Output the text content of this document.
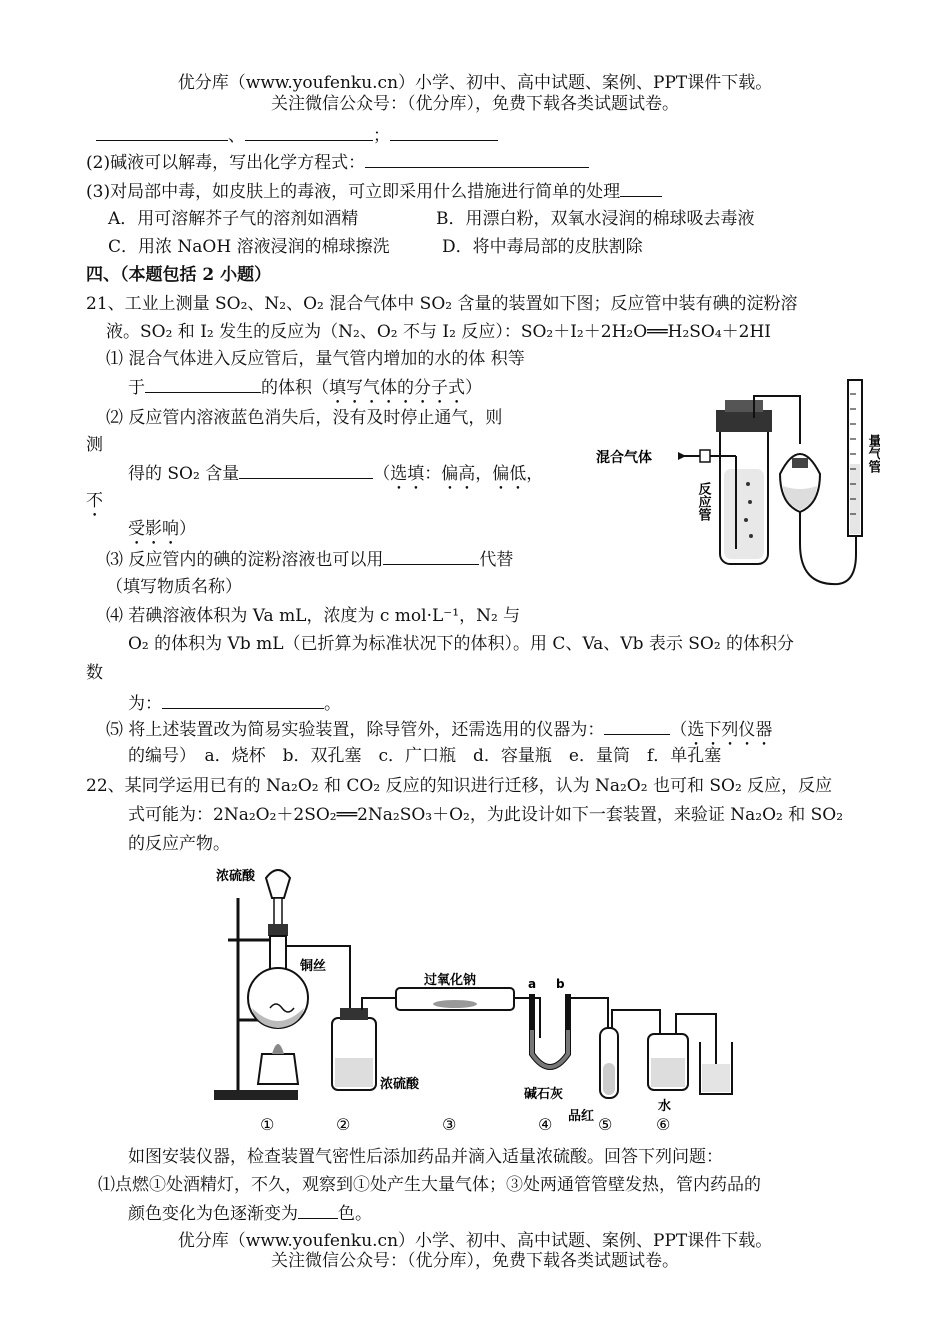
优分库（www.youfenku.cn）小学、初中、高中试题、案例、PPT课件下载。
关注微信公众号：（优分库），免费下载各类试题试卷。
、	；
(2)碱液可以解毒，写出化学方程式：
(3)对局部中毒，如皮肤上的毒液，可立即采用什么措施进行简单的处理
A．用可溶解芥子气的溶剂如酒精	B．用漂白粉，双氧水浸润的棉球吸去毒液
C．用浓 NaOH 溶液浸润的棉球擦洗	D．将中毒局部的皮肤割除
四、（本题包括 2 小题）
21、工业上测量 SO₂、N₂、O₂ 混合气体中 SO₂ 含量的装置如下图；反应管中装有碘的淀粉溶
液。SO₂ 和 I₂ 发生的反应为（N₂、O₂ 不与 I₂ 反应）：SO₂＋I₂＋2H₂O══H₂SO₄＋2HI
⑴ 混合气体进入反应管后，量气管内增加的水的体 积等
于	的体积（填写气体的分子式）
⑵ 反应管内溶液蓝色消失后，没有及时停止通气，则
测
得的 SO₂ 含量	（选填：偏高，偏低，
不
受影响）
⑶ 反应管内的碘的淀粉溶液也可以用	代替
（填写物质名称）
⑷ 若碘溶液体积为 Va mL，浓度为 c mol·L⁻¹，N₂ 与
O₂ 的体积为 Vb mL（已折算为标准状况下的体积）。用 C、Va、Vb 表示 SO₂ 的体积分
数
为：	。
⑸ 将上述装置改为简易实验装置，除导管外，还需选用的仪器为：	（选下列仪器
的编号）　a．烧杯　b．双孔塞　c．广口瓶　d．容量瓶　e．量筒　f．单孔塞
混合气体
反应管
量气管
22、某同学运用已有的 Na₂O₂ 和 CO₂ 反应的知识进行迁移，认为 Na₂O₂ 也可和 SO₂ 反应，反应
式可能为：2Na₂O₂＋2SO₂══2Na₂SO₃＋O₂，为此设计如下一套装置，来验证 Na₂O₂ 和 SO₂
的反应产物。
浓硫酸
铜丝
浓硫酸
过氧化钠	a b
碱石灰
品红
水
①	②	③	④	⑤	⑥
如图安装仪器，检查装置气密性后添加药品并滴入适量浓硫酸。回答下列问题：
⑴点燃①处酒精灯，不久，观察到①处产生大量气体；③处两通管管壁发热，管内药品的
颜色变化为色逐渐变为 色。
优分库（www.youfenku.cn）小学、初中、高中试题、案例、PPT课件下载。
关注微信公众号：（优分库），免费下载各类试题试卷。
